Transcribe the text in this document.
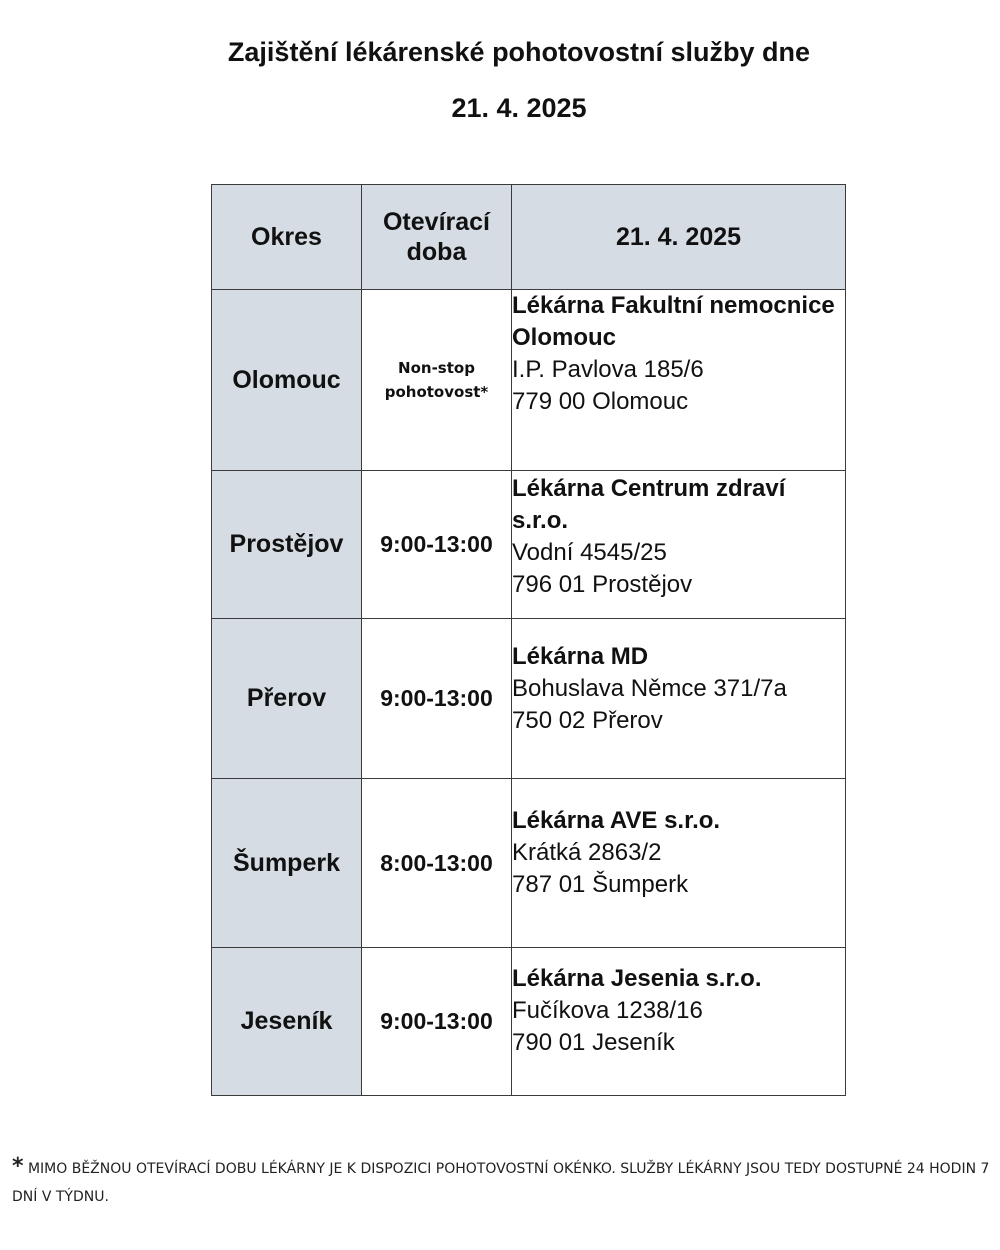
Zajištění lékárenské pohotovostní služby dne
21. 4. 2025
Okres	Otevírací doba	21. 4. 2025
Olomouc	Non-stop pohotovost*	Lékárna Fakultní nemocnice Olomouc
I.P. Pavlova 185/6
779 00 Olomouc

Prostějov	9:00-13:00	Lékárna Centrum zdraví s.r.o.
Vodní 4545/25
796 01 Prostějov

Přerov	9:00-13:00	Lékárna MD
Bohuslava Němce 371/7a
750 02 Přerov

Šumperk	8:00-13:00	Lékárna AVE s.r.o.
Krátká 2863/2
787 01 Šumperk

Jeseník	9:00-13:00	Lékárna Jesenia s.r.o.
Fučíkova 1238/16
790 01 Jeseník
* MIMO BĚŽNOU OTEVÍRACÍ DOBU LÉKÁRNY JE K DISPOZICI POHOTOVOSTNÍ OKÉNKO. SLUŽBY LÉKÁRNY JSOU TEDY DOSTUPNÉ 24 HODIN 7 DNÍ V TÝDNU.
